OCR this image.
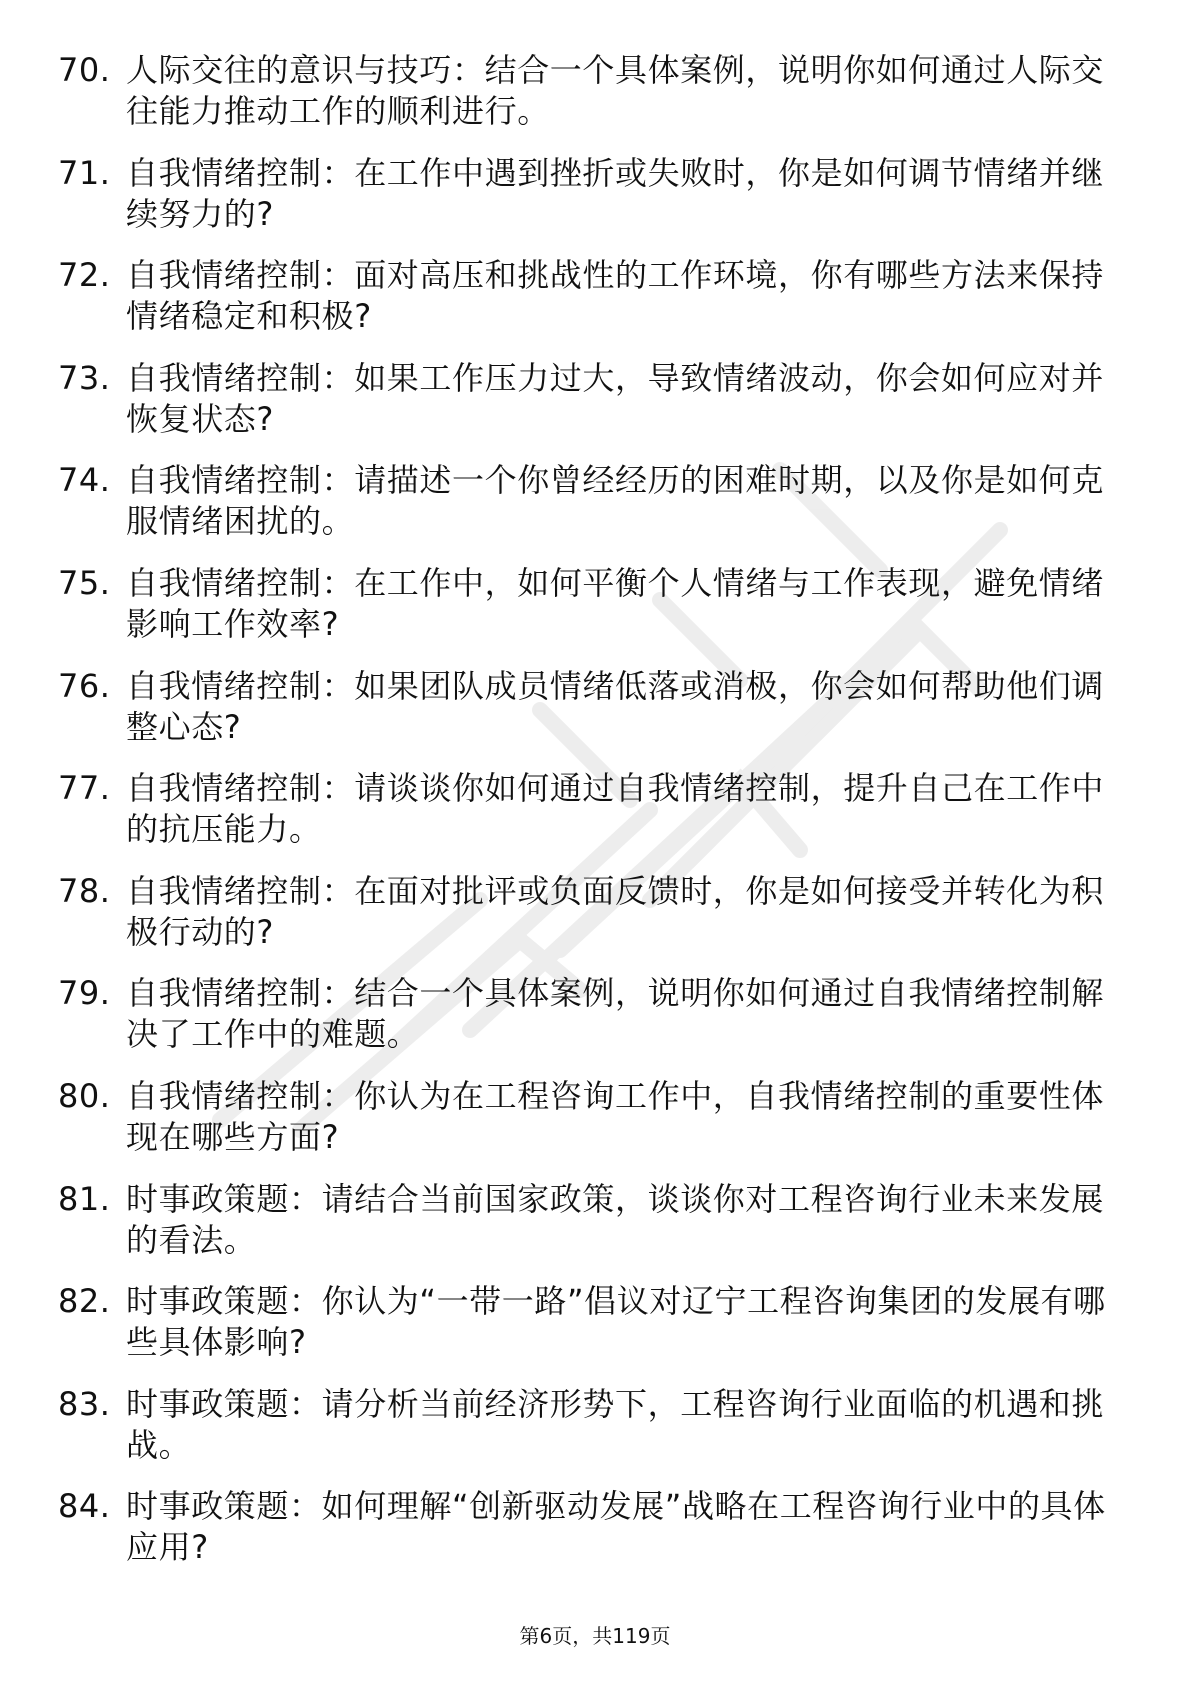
70. 人际交往的意识与技巧：结合一个具体案例，说明你如何通过人际交往能力推动工作的顺利进行。
71. 自我情绪控制：在工作中遇到挫折或失败时，你是如何调节情绪并继续努力的?
72. 自我情绪控制：面对高压和挑战性的工作环境，你有哪些方法来保持情绪稳定和积极?
73. 自我情绪控制：如果工作压力过大，导致情绪波动，你会如何应对并恢复状态?
74. 自我情绪控制：请描述一个你曾经经历的困难时期，以及你是如何克服情绪困扰的。
75. 自我情绪控制：在工作中，如何平衡个人情绪与工作表现，避免情绪影响工作效率?
76. 自我情绪控制：如果团队成员情绪低落或消极，你会如何帮助他们调整心态?
77. 自我情绪控制：请谈谈你如何通过自我情绪控制，提升自己在工作中的抗压能力。
78. 自我情绪控制：在面对批评或负面反馈时，你是如何接受并转化为积极行动的?
79. 自我情绪控制：结合一个具体案例，说明你如何通过自我情绪控制解决了工作中的难题。
80. 自我情绪控制：你认为在工程咨询工作中，自我情绪控制的重要性体现在哪些方面?
81. 时事政策题：请结合当前国家政策，谈谈你对工程咨询行业未来发展的看法。
82. 时事政策题：你认为“一带一路”倡议对辽宁工程咨询集团的发展有哪些具体影响?
83. 时事政策题：请分析当前经济形势下，工程咨询行业面临的机遇和挑战。
84. 时事政策题：如何理解“创新驱动发展”战略在工程咨询行业中的具体应用?
第6页，共119页
